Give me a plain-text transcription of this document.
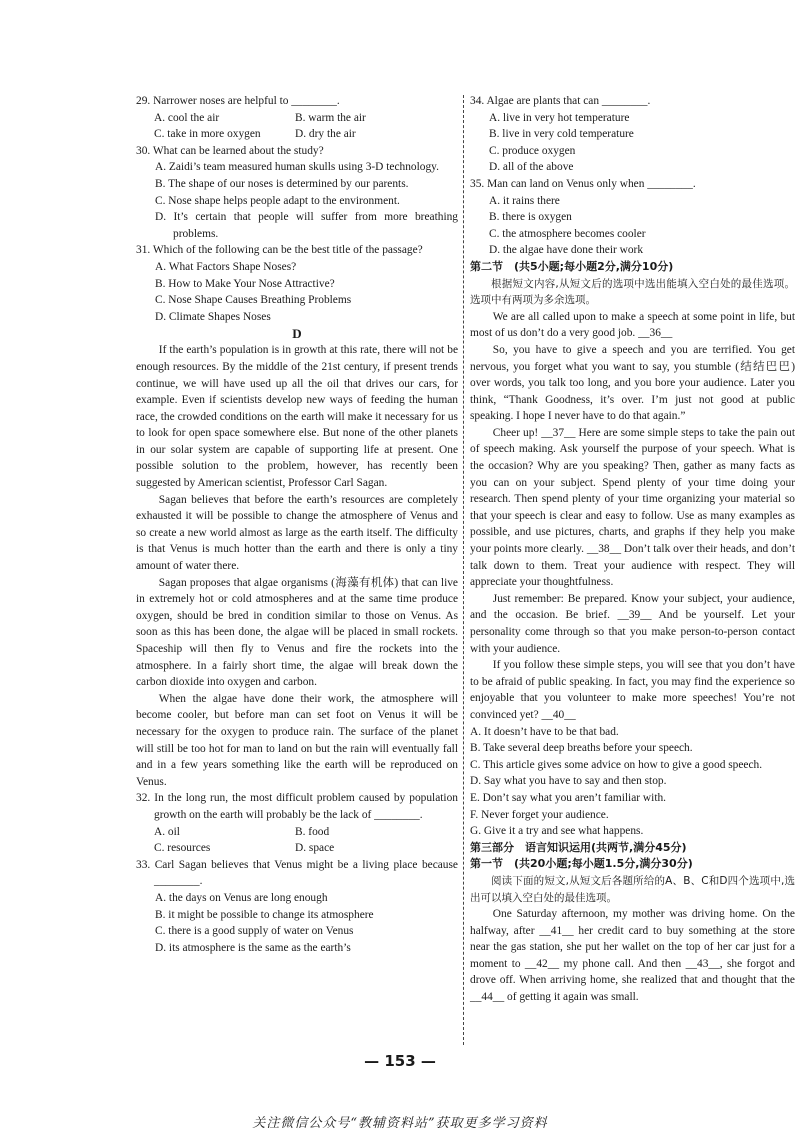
29. Narrower noses are helpful to ________.

A. cool the air	B. warm the air
C. take in more oxygen	D. dry the air

30. What can be learned about the study?

A. Zaidi’s team measured human skulls using 3-D technology.

B. The shape of our noses is determined by our parents.

C. Nose shape helps people adapt to the environment.

D. It’s certain that people will suffer from more breathing problems.

31. Which of the following can be the best title of the passage?

A. What Factors Shape Noses?

B. How to Make Your Nose Attractive?

C. Nose Shape Causes Breathing Problems

D. Climate Shapes Noses

D

If the earth’s population is in growth at this rate, there will not be enough resources. By the middle of the 21st century, if present trends continue, we will have used up all the oil that drives our cars, for example. Even if scientists develop new ways of feeding the human race, the crowded conditions on the earth will make it necessary for us to look for open space somewhere else. But none of the other planets in our solar system are capable of supporting life at present. One possible solution to the problem, however, has recently been suggested by American scientist, Professor Carl Sagan.

Sagan believes that before the earth’s resources are completely exhausted it will be possible to change the atmosphere of Venus and so create a new world almost as large as the earth itself. The difficulty is that Venus is much hotter than the earth and there is only a tiny amount of water there.

Sagan proposes that algae organisms (海藻有机体) that can live in extremely hot or cold atmospheres and at the same time produce oxygen, should be bred in condition similar to those on Venus. As soon as this has been done, the algae will be placed in small rockets. Spaceship will then fly to Venus and fire the rockets into the atmosphere. In a fairly short time, the algae will break down the carbon dioxide into oxygen and carbon.

When the algae have done their work, the atmosphere will become cooler, but before man can set foot on Venus it will be necessary for the oxygen to produce rain. The surface of the planet will still be too hot for man to land on but the rain will eventually fall and in a few years something like the earth will be reproduced on Venus.

32. In the long run, the most difficult problem caused by population growth on the earth will probably be the lack of ________.

A. oil	B. food
C. resources	D. space

33. Carl Sagan believes that Venus might be a living place because ________.

A. the days on Venus are long enough

B. it might be possible to change its atmosphere

C. there is a good supply of water on Venus

D. its atmosphere is the same as the earth’s

34. Algae are plants that can ________.

A. live in very hot temperature

B. live in very cold temperature

C. produce oxygen

D. all of the above

35. Man can land on Venus only when ________.

A. it rains there

B. there is oxygen

C. the atmosphere becomes cooler

D. the algae have done their work

第二节　(共5小题;每小题2分,满分10分)

根据短文内容,从短文后的选项中选出能填入空白处的最佳选项。选项中有两项为多余选项。

We are all called upon to make a speech at some point in life, but most of us don’t do a very good job. __36__

So, you have to give a speech and you are terrified. You get nervous, you forget what you want to say, you stumble (结结巴巴) over words, you talk too long, and you bore your audience. Later you think, “Thank Goodness, it’s over. I’m just not good at public speaking. I hope I never have to do that again.”

Cheer up! __37__ Here are some simple steps to take the pain out of speech making. Ask yourself the purpose of your speech. What is the occasion? Why are you speaking? Then, gather as many facts as you can on your subject. Spend plenty of your time doing your research. Then spend plenty of your time organizing your material so that your speech is clear and easy to follow. Use as many examples as possible, and use pictures, charts, and graphs if they help you make your points more clearly. __38__ Don’t talk over their heads, and don’t talk down to them. Treat your audience with respect. They will appreciate your thoughtfulness.

Just remember: Be prepared. Know your subject, your audience, and the occasion. Be brief. __39__ And be yourself. Let your personality come through so that you make person-to-person contact with your audience.

If you follow these simple steps, you will see that you don’t have to be afraid of public speaking. In fact, you may find the experience so enjoyable that you volunteer to make more speeches! You’re not convinced yet? __40__

A. It doesn’t have to be that bad.

B. Take several deep breaths before your speech.

C. This article gives some advice on how to give a good speech.

D. Say what you have to say and then stop.

E. Don’t say what you aren’t familiar with.

F. Never forget your audience.

G. Give it a try and see what happens.

第三部分　语言知识运用(共两节,满分45分)

第一节　(共20小题;每小题1.5分,满分30分)

阅读下面的短文,从短文后各题所给的A、B、C和D四个选项中,选出可以填入空白处的最佳选项。

One Saturday afternoon, my mother was driving home. On the halfway, after __41__ her credit card to buy something at the store near the gas station, she put her wallet on the top of her car just for a moment to __42__ my phone call. And then __43__, she forgot and drove off. When arriving home, she realized that and thought that the __44__ of getting it again was small.

— 153 —
关注微信公众号“教辅资料站”获取更多学习资料
